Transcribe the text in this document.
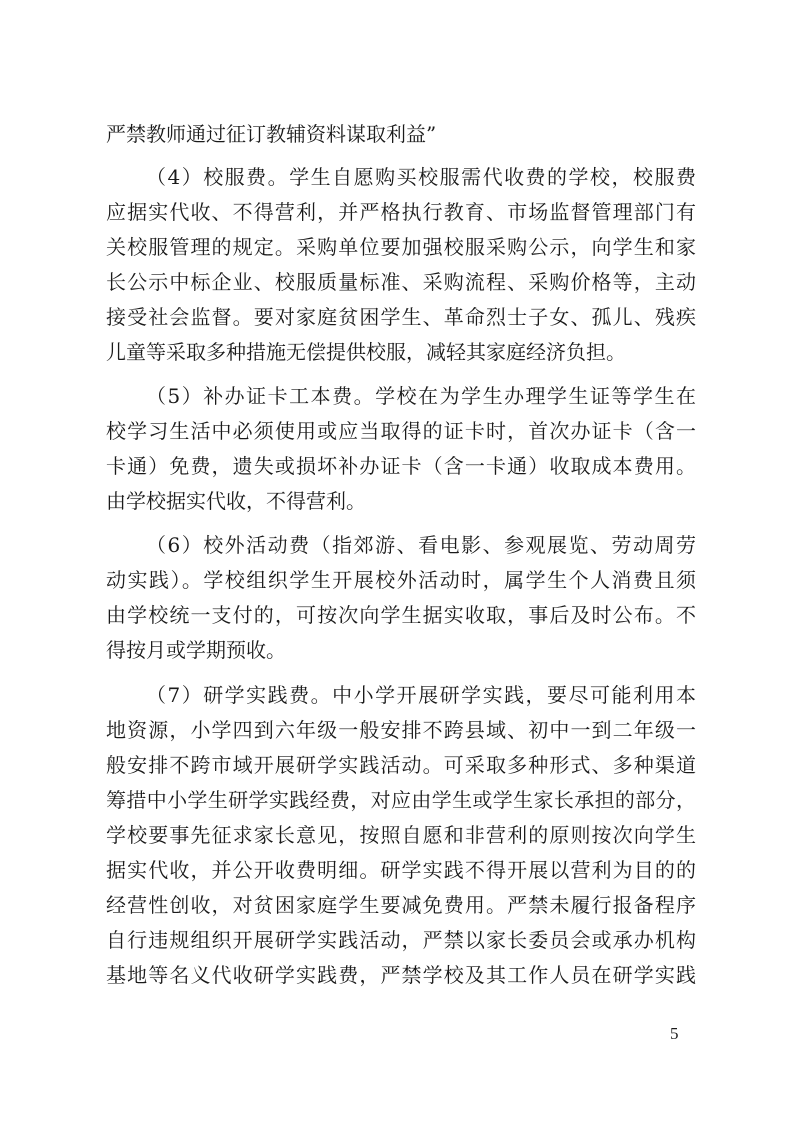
严禁教师通过征订教辅资料谋取利益”
（4）校服费。学生自愿购买校服需代收费的学校，校服费
应据实代收、不得营利，并严格执行教育、市场监督管理部门有
关校服管理的规定。采购单位要加强校服采购公示，向学生和家
长公示中标企业、校服质量标准、采购流程、采购价格等，主动
接受社会监督。要对家庭贫困学生、革命烈士子女、孤儿、残疾
儿童等采取多种措施无偿提供校服，减轻其家庭经济负担。
（5）补办证卡工本费。学校在为学生办理学生证等学生在
校学习生活中必须使用或应当取得的证卡时，首次办证卡（含一
卡通）免费，遗失或损坏补办证卡（含一卡通）收取成本费用。
由学校据实代收，不得营利。
（6）校外活动费（指郊游、看电影、参观展览、劳动周劳
动实践）。学校组织学生开展校外活动时，属学生个人消费且须
由学校统一支付的，可按次向学生据实收取，事后及时公布。不
得按月或学期预收。
（7）研学实践费。中小学开展研学实践，要尽可能利用本
地资源，小学四到六年级一般安排不跨县域、初中一到二年级一
般安排不跨市域开展研学实践活动。可采取多种形式、多种渠道
筹措中小学生研学实践经费，对应由学生或学生家长承担的部分，
学校要事先征求家长意见，按照自愿和非营利的原则按次向学生
据实代收，并公开收费明细。研学实践不得开展以营利为目的的
经营性创收，对贫困家庭学生要减免费用。严禁未履行报备程序
自行违规组织开展研学实践活动，严禁以家长委员会或承办机构
基地等名义代收研学实践费，严禁学校及其工作人员在研学实践
5
